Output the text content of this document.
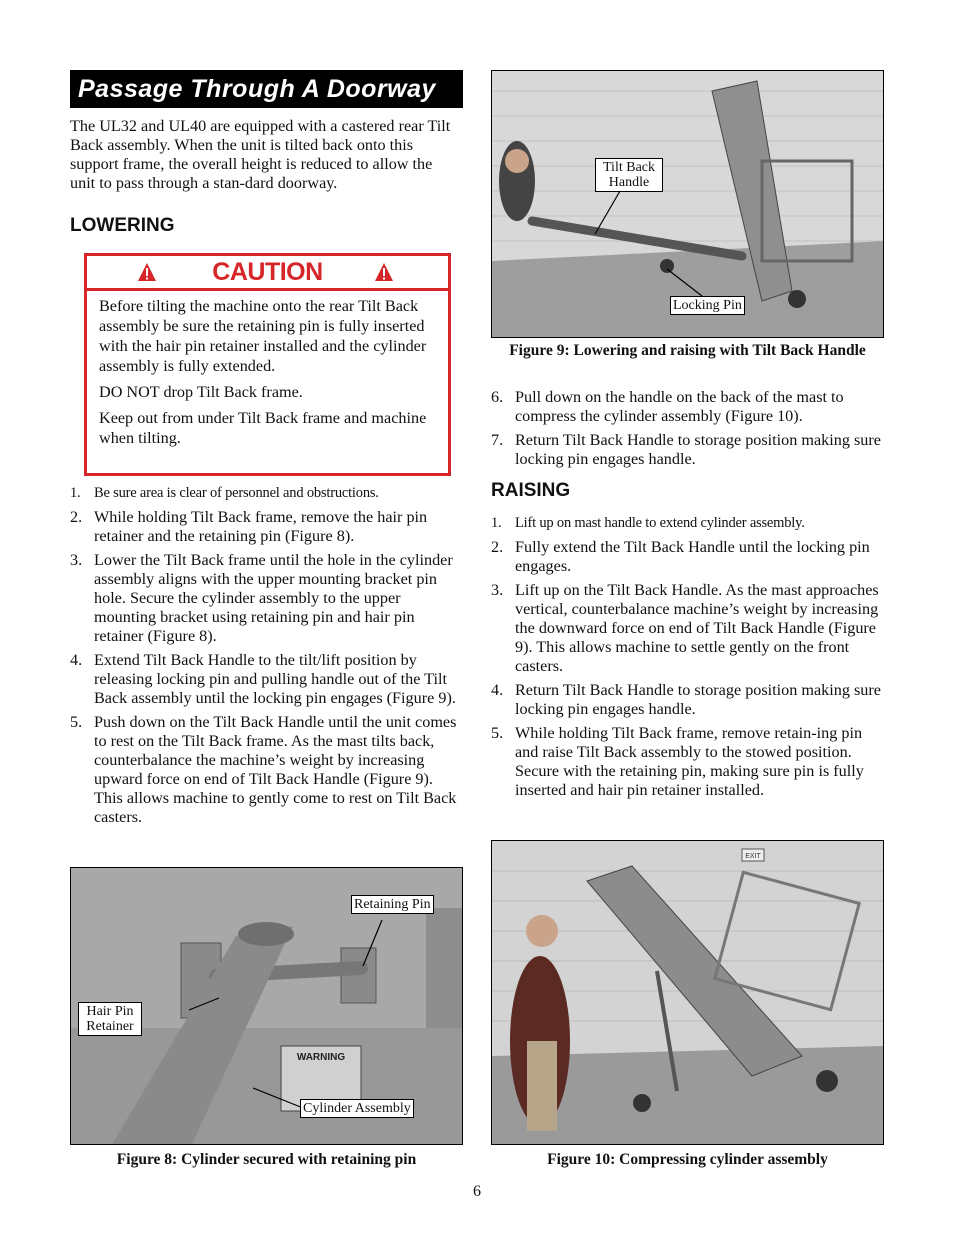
Passage Through A Doorway
The UL32 and UL40 are equipped with a castered rear Tilt Back assembly. When the unit is tilted back onto this support frame, the overall height is reduced to allow the unit to pass through a stan-dard doorway.
LOWERING
CAUTION

Before tilting the machine onto the rear Tilt Back assembly be sure the retaining pin is fully inserted with the hair pin retainer installed and the cylinder assembly is fully extended.

DO NOT drop Tilt Back frame.

Keep out from under Tilt Back frame and machine when tilting.

1. Be sure area is clear of personnel and obstructions.
2. While holding Tilt Back frame, remove the hair pin retainer and the retaining pin (Figure 8).
3. Lower the Tilt Back frame until the hole in the cylinder assembly aligns with the upper mounting bracket pin hole. Secure the cylinder assembly to the upper mounting bracket using retaining pin and hair pin retainer (Figure 8).
4. Extend Tilt Back Handle to the tilt/lift position by releasing locking pin and pulling handle out of the Tilt Back assembly until the locking pin engages (Figure 9).
5. Push down on the Tilt Back Handle until the unit comes to rest on the Tilt Back frame. As the mast tilts back, counterbalance the machine’s weight by increasing upward force on end of Tilt Back Handle (Figure 9). This allows machine to gently come to rest on Tilt Back casters.
WARNING
Retaining Pin
Hair Pin Retainer
Cylinder Assembly
Figure 8: Cylinder secured with retaining pin
Tilt Back Handle
Locking Pin
Figure 9: Lowering and raising with Tilt Back Handle
6. Pull down on the handle on the back of the mast to compress the cylinder assembly (Figure 10).
7. Return Tilt Back Handle to storage position making sure locking pin engages handle.
RAISING
1. Lift up on mast handle to extend cylinder assembly.
2. Fully extend the Tilt Back Handle until the locking pin engages.
3. Lift up on the Tilt Back Handle. As the mast approaches vertical, counterbalance machine’s weight by increasing the downward force on end of Tilt Back Handle (Figure 9). This allows machine to settle gently on the front casters.
4. Return Tilt Back Handle to storage position making sure locking pin engages handle.
5. While holding Tilt Back frame, remove retain-ing pin and raise Tilt Back assembly to the stowed position. Secure with the retaining pin, making sure pin is fully inserted and hair pin retainer installed.
EXIT
Figure 10: Compressing cylinder assembly
6
